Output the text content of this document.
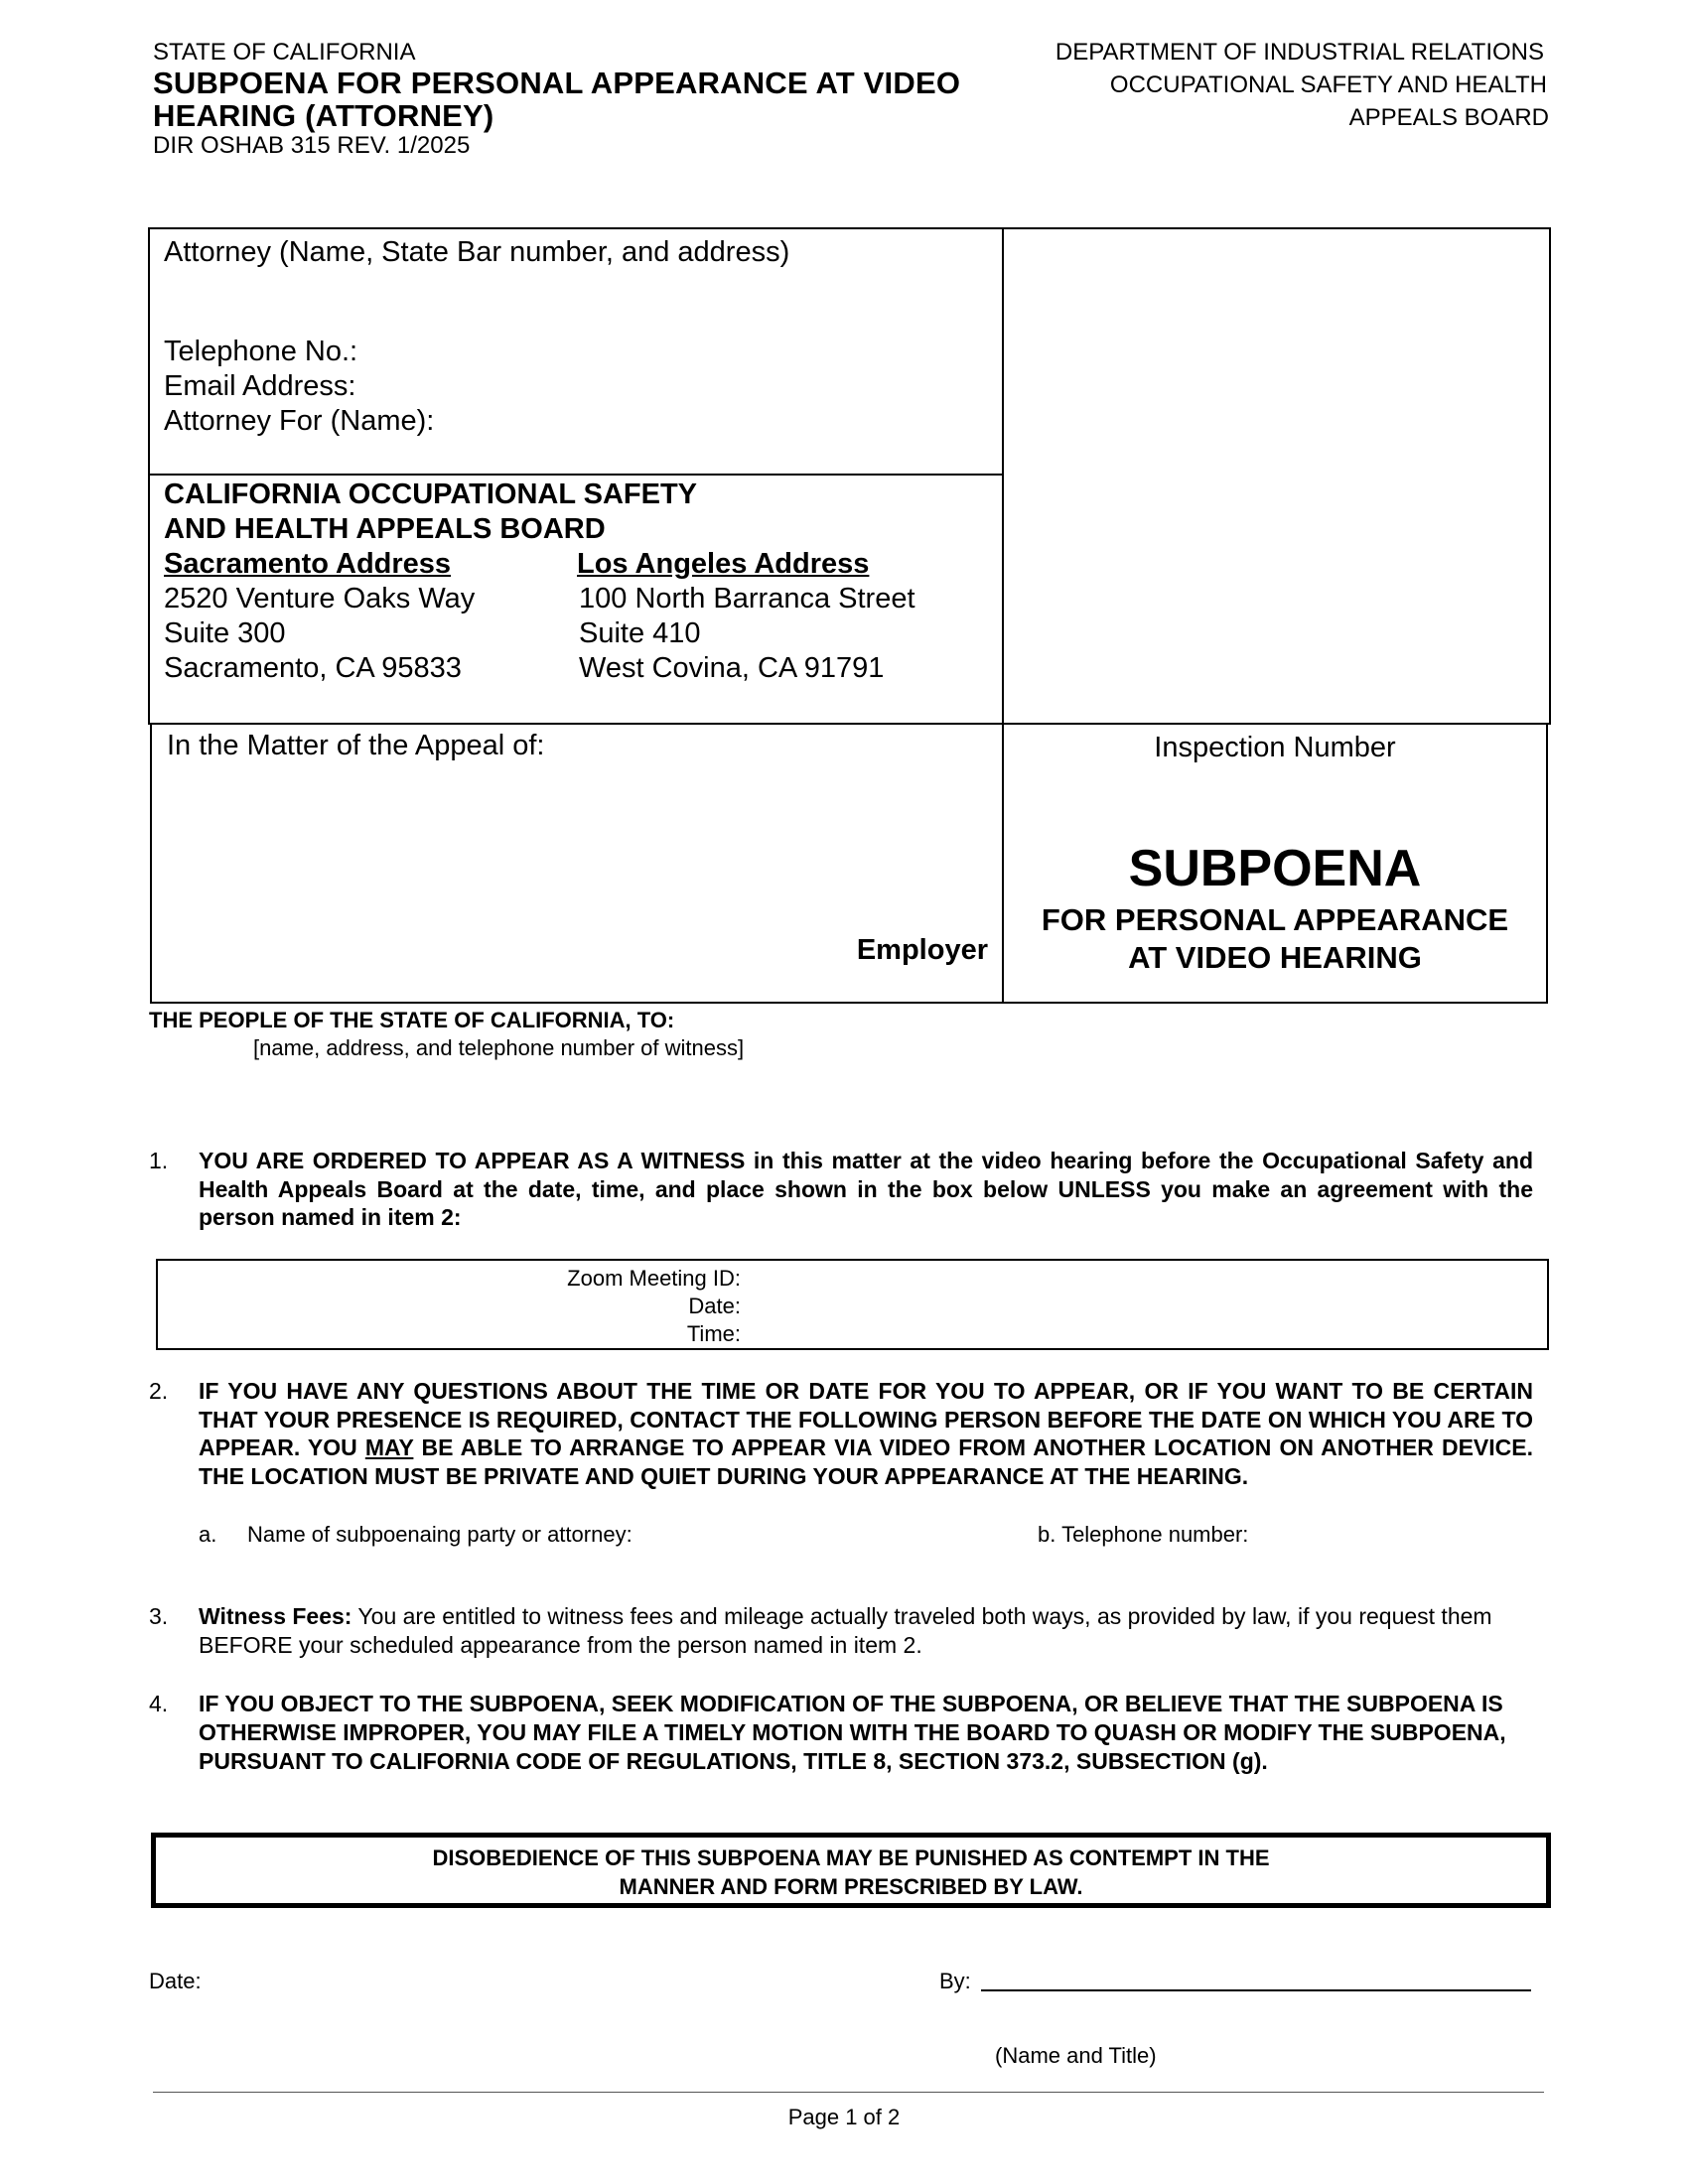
STATE OF CALIFORNIA
SUBPOENA FOR PERSONAL APPEARANCE AT VIDEO
HEARING (ATTORNEY)
DIR OSHAB 315 REV. 1/2025
DEPARTMENT OF INDUSTRIAL RELATIONS
OCCUPATIONAL SAFETY AND HEALTH
APPEALS BOARD
Attorney (Name, State Bar number, and address)
Telephone No.:
Email Address:
Attorney For (Name):
CALIFORNIA OCCUPATIONAL SAFETY
AND HEALTH APPEALS BOARD
Sacramento Address
2520 Venture Oaks Way
Suite 300
Sacramento, CA 95833
Los Angeles Address
100 North Barranca Street
Suite 410
West Covina, CA 91791
In the Matter of the Appeal of:
Employer
Inspection Number
SUBPOENA
FOR PERSONAL APPEARANCE
AT VIDEO HEARING
THE PEOPLE OF THE STATE OF CALIFORNIA, TO:
[name, address, and telephone number of witness]
1. YOU ARE ORDERED TO APPEAR AS A WITNESS in this matter at the video hearing before the Occupational Safety and Health Appeals Board at the date, time, and place shown in the box below UNLESS you make an agreement with the person named in item 2:
Zoom Meeting ID:
Date:
Time:
2. IF YOU HAVE ANY QUESTIONS ABOUT THE TIME OR DATE FOR YOU TO APPEAR, OR IF YOU WANT TO BE CERTAIN THAT YOUR PRESENCE IS REQUIRED, CONTACT THE FOLLOWING PERSON BEFORE THE DATE ON WHICH YOU ARE TO APPEAR. YOU MAY BE ABLE TO ARRANGE TO APPEAR VIA VIDEO FROM ANOTHER LOCATION ON ANOTHER DEVICE. THE LOCATION MUST BE PRIVATE AND QUIET DURING YOUR APPEARANCE AT THE HEARING.
a. Name of subpoenaing party or attorney:	b. Telephone number:
3. Witness Fees: You are entitled to witness fees and mileage actually traveled both ways, as provided by law, if you request them BEFORE your scheduled appearance from the person named in item 2.
4. IF YOU OBJECT TO THE SUBPOENA, SEEK MODIFICATION OF THE SUBPOENA, OR BELIEVE THAT THE SUBPOENA IS OTHERWISE IMPROPER, YOU MAY FILE A TIMELY MOTION WITH THE BOARD TO QUASH OR MODIFY THE SUBPOENA, PURSUANT TO CALIFORNIA CODE OF REGULATIONS, TITLE 8, SECTION 373.2, SUBSECTION (g).
DISOBEDIENCE OF THIS SUBPOENA MAY BE PUNISHED AS CONTEMPT IN THE
MANNER AND FORM PRESCRIBED BY LAW.
Date:	By:
(Name and Title)
Page 1 of 2
